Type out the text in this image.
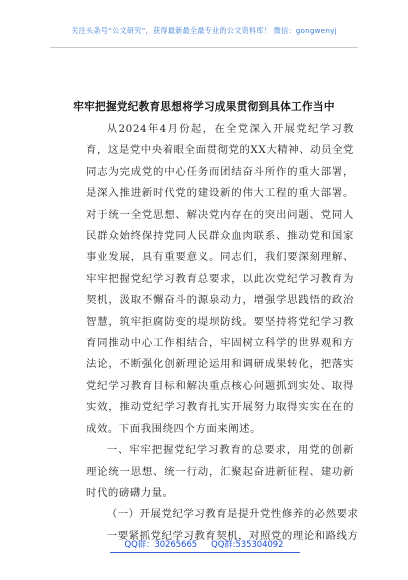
关注头条号“公文研究”，获得最新最全最专业的公文资料库！ 微信：gongwenyj
牢牢把握党纪教育思想将学习成果贯彻到具体工作当中

从2024年4月份起，在全党深入开展党纪学习教育，这是党中央着眼全面贯彻党的XX大精神、动员全党同志为完成党的中心任务而团结奋斗所作的重大部署，是深入推进新时代党的建设新的伟大工程的重大部署。对于统一全党思想、解决党内存在的突出问题、党同人民群众始终保持党同人民群众血肉联系、推动党和国家事业发展，具有重要意义。同志们，我们要深刻理解、牢牢把握党纪学习教育总要求，以此次党纪学习教育为契机，汲取不懈奋斗的源泉动力，增强学思践悟的政治智慧，筑牢拒腐防变的堤坝防线。要坚持将党纪学习教育同推动中心工作相结合，牢固树立科学的世界观和方法论，不断强化创新理论运用和调研成果转化，把落实党纪学习教育目标和解决重点核心问题抓到实处、取得实效，推动党纪学习教育扎实开展努力取得实实在在的成效。下面我围绕四个方面来阐述。

一、牢牢把握党纪学习教育的总要求，用党的创新理论统一思想、统一行动，汇聚起奋进新征程、建功新时代的磅礴力量。

（一）开展党纪学习教育是提升党性修养的必然要求

一要紧抓党纪学习教育契机，对照党的理论和路线方

QQ群：30265665 QQ群:535304092
